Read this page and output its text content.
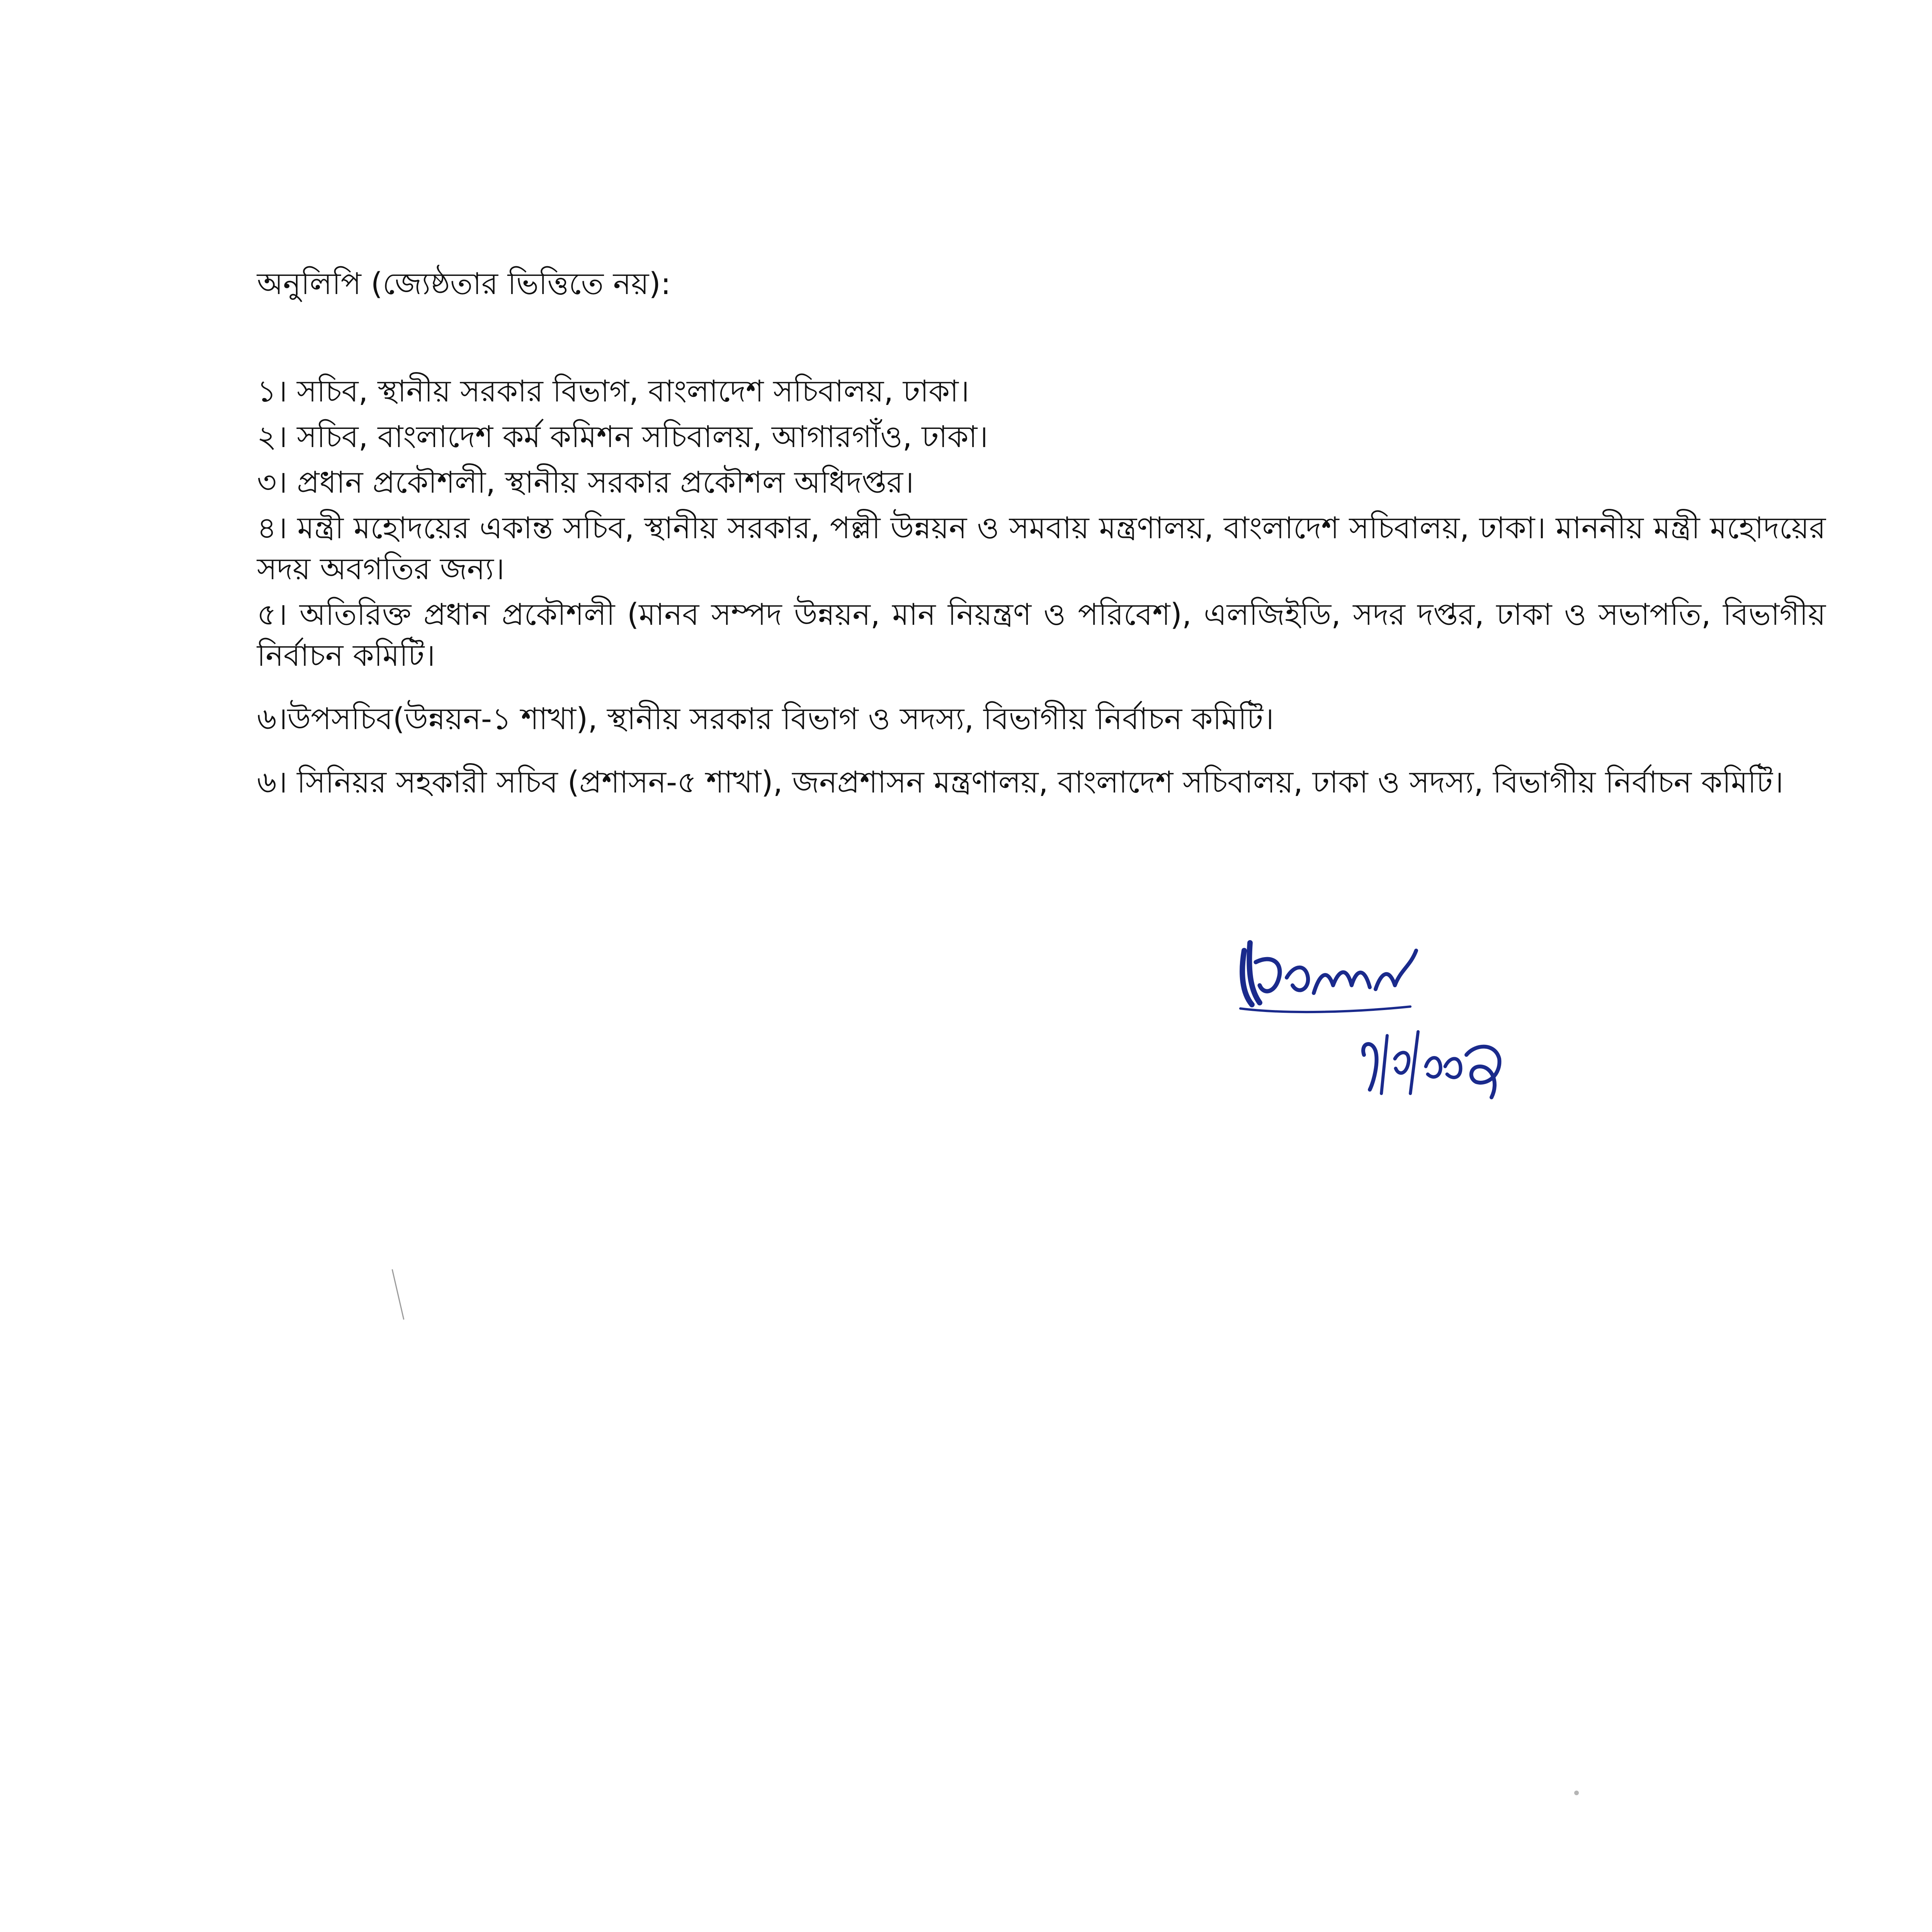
অনুলিপি (জ্যেষ্ঠতার ভিত্তিতে নয়):

১। সচিব, স্থানীয় সরকার বিভাগ, বাংলাদেশ সচিবালয়, ঢাকা।
২। সচিব, বাংলাদেশ কর্ম কমিশন সচিবালয়, আগারগাঁও, ঢাকা।
৩। প্রধান প্রকৌশলী, স্থানীয় সরকার প্রকৌশল অধিদপ্তর।
৪। মন্ত্রী মহোদয়ের একান্ত সচিব, স্থানীয় সরকার, পল্লী উন্নয়ন ও সমবায় মন্ত্রণালয়, বাংলাদেশ সচিবালয়, ঢাকা। মাননীয় মন্ত্রী মহোদয়ের সদয় অবগতির জন্য।
৫। অতিরিক্ত প্রধান প্রকৌশলী (মানব সম্পদ উন্নয়ন, মান নিয়ন্ত্রণ ও পরিবেশ), এলজিইডি, সদর দপ্তর, ঢাকা ও সভাপতি, বিভাগীয় নির্বাচন কমিটি।
৬।উপসচিব(উন্নয়ন-১ শাখা), স্থানীয় সরকার বিভাগ ও সদস্য, বিভাগীয় নির্বাচন কমিটি।
৬। সিনিয়র সহকারী সচিব (প্রশাসন-৫ শাখা), জনপ্রশাসন মন্ত্রণালয়, বাংলাদেশ সচিবালয়, ঢাকা ও সদস্য, বিভাগীয় নির্বাচন কমিটি।
